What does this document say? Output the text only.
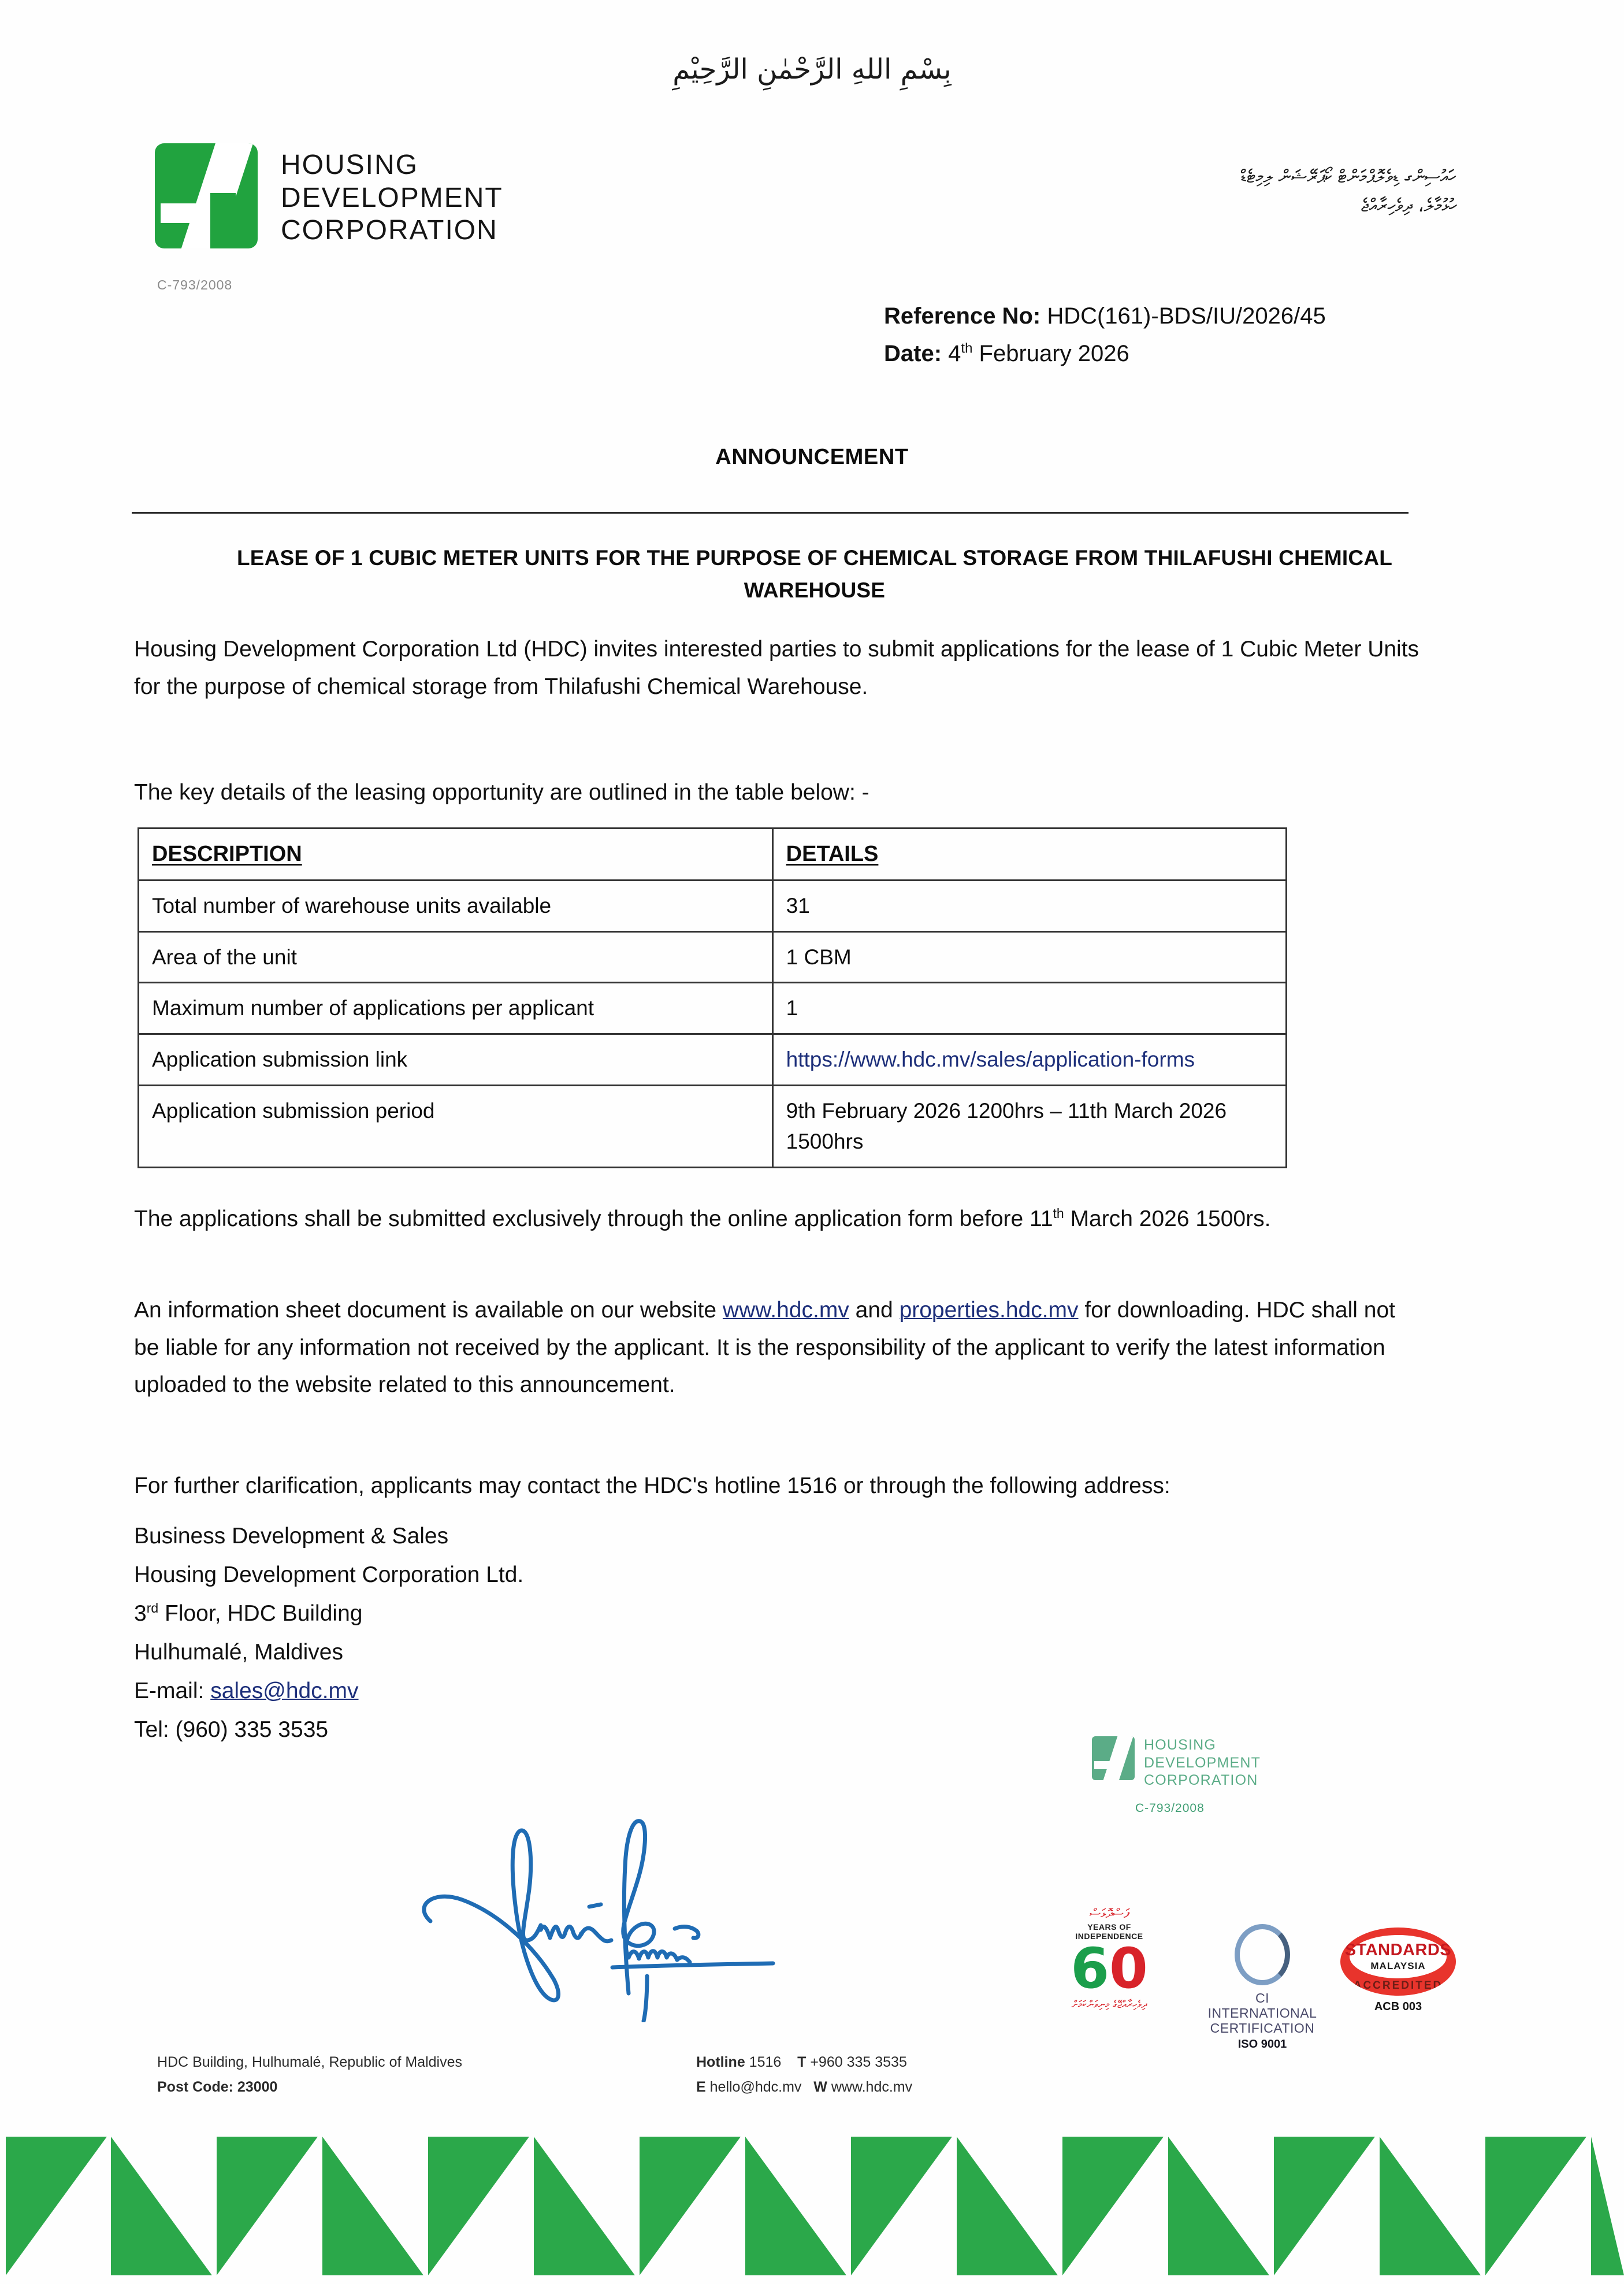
بِسْمِ اللهِ الرَّحْمٰنِ الرَّحِيْمِ
HOUSING
DEVELOPMENT
CORPORATION
C-793/2008
ހައުސިންގ ޑިވެލޮޕްމަންޓް ކޯޕަރޭޝަން ލިމިޓެޑް
ހުޅުމާލެ، ދިވެހިރާއްޖެ
Reference No: HDC(161)-BDS/IU/2026/45
Date: 4th February 2026
ANNOUNCEMENT
LEASE OF 1 CUBIC METER UNITS FOR THE PURPOSE OF CHEMICAL STORAGE FROM THILAFUSHI CHEMICAL WAREHOUSE

Housing Development Corporation Ltd (HDC) invites interested parties to submit applications for the lease of 1 Cubic Meter Units for the purpose of chemical storage from Thilafushi Chemical Warehouse.

The key details of the leasing opportunity are outlined in the table below: -

DESCRIPTION	DETAILS
Total number of warehouse units available	31
Area of the unit	1 CBM
Maximum number of applications per applicant	1
Application submission link	https://www.hdc.mv/sales/application-forms
Application submission period	9th February 2026 1200hrs – 11th March 2026 1500hrs

The applications shall be submitted exclusively through the online application form before 11th March 2026 1500rs.

An information sheet document is available on our website www.hdc.mv and properties.hdc.mv for downloading. HDC shall not be liable for any information not received by the applicant. It is the responsibility of the applicant to verify the latest information uploaded to the website related to this announcement.

For further clarification, applicants may contact the HDC's hotline 1516 or through the following address:

Business Development & Sales
Housing Development Corporation Ltd.
3rd Floor, HDC Building
Hulhumalé, Maldives
E-mail: sales@hdc.mv
Tel: (960) 335 3535
HOUSING
DEVELOPMENT
CORPORATION
C-793/2008
ފަސްދޮޅަސް
YEARS OF INDEPENDENCE
60
ދިވެހިރާއްޖޭގެ މިނިވަންކަމަށް	CI INTERNATIONAL
CERTIFICATION
ISO 9001
STANDARDS
MALAYSIA
ACCREDITED
ACB 003
HDC Building, Hulhumalé, Republic of Maldives
Post Code: 23000
Hotline 1516 T +960 335 3535
E hello@hdc.mv W www.hdc.mv
